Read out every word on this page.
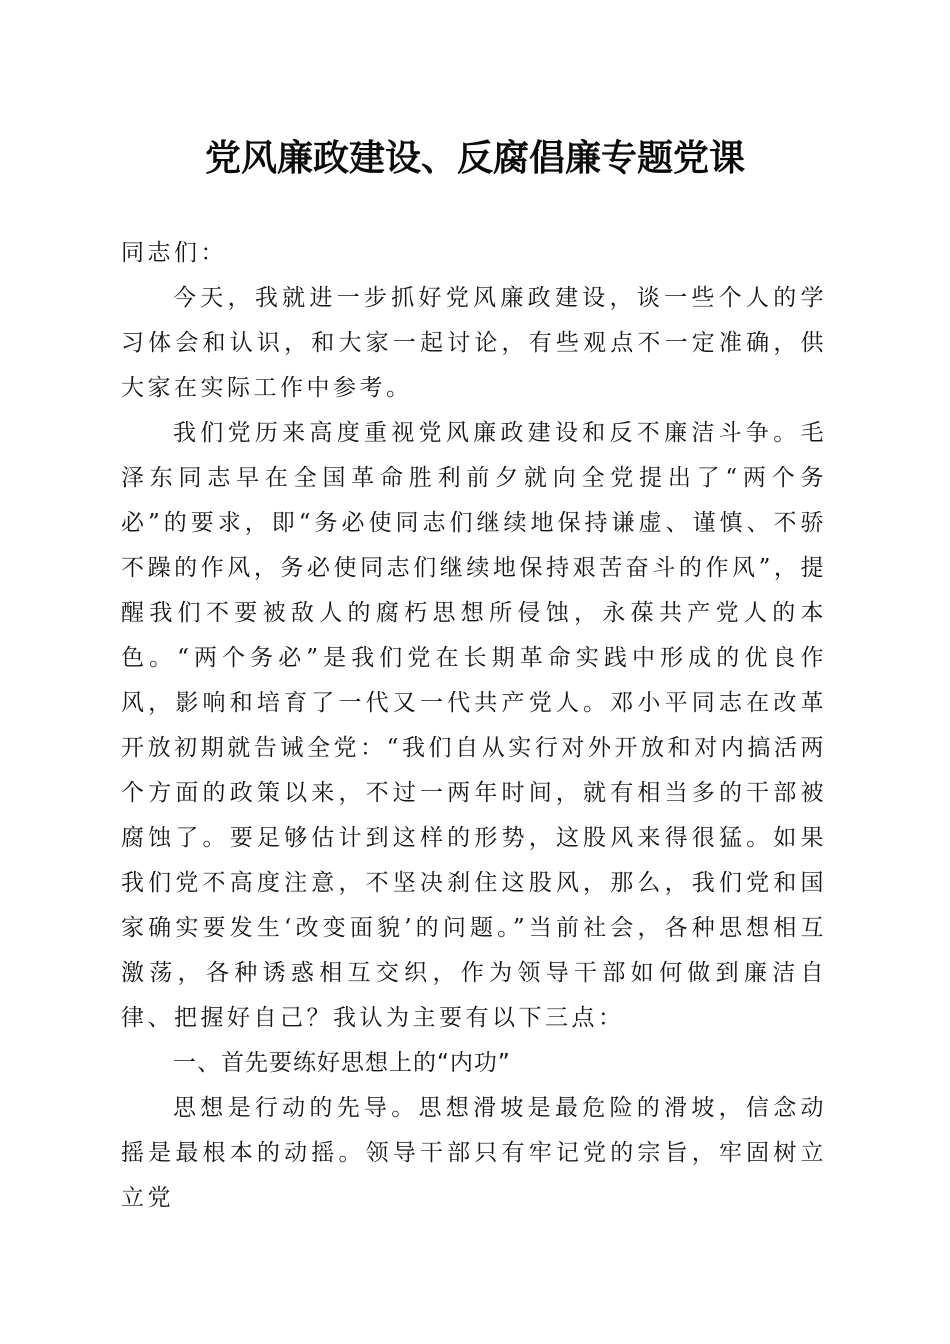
党风廉政建设、反腐倡廉专题党课

同志们：

今天，我就进一步抓好党风廉政建设，谈一些个人的学习体会和认识，和大家一起讨论，有些观点不一定准确，供大家在实际工作中参考。

我们党历来高度重视党风廉政建设和反不廉洁斗争。毛泽东同志早在全国革命胜利前夕就向全党提出了“两个务必”的要求，即“务必使同志们继续地保持谦虚、谨慎、不骄不躁的作风，务必使同志们继续地保持艰苦奋斗的作风”，提醒我们不要被敌人的腐朽思想所侵蚀，永葆共产党人的本色。“两个务必”是我们党在长期革命实践中形成的优良作风，影响和培育了一代又一代共产党人。邓小平同志在改革开放初期就告诫全党：“我们自从实行对外开放和对内搞活两个方面的政策以来，不过一两年时间，就有相当多的干部被腐蚀了。要足够估计到这样的形势，这股风来得很猛。如果我们党不高度注意，不坚决刹住这股风，那么，我们党和国家确实要发生‘改变面貌’的问题。”当前社会，各种思想相互激荡，各种诱惑相互交织，作为领导干部如何做到廉洁自律、把握好自己？我认为主要有以下三点：

一、首先要练好思想上的“内功”

思想是行动的先导。思想滑坡是最危险的滑坡，信念动摇是最根本的动摇。领导干部只有牢记党的宗旨，牢固树立立党
